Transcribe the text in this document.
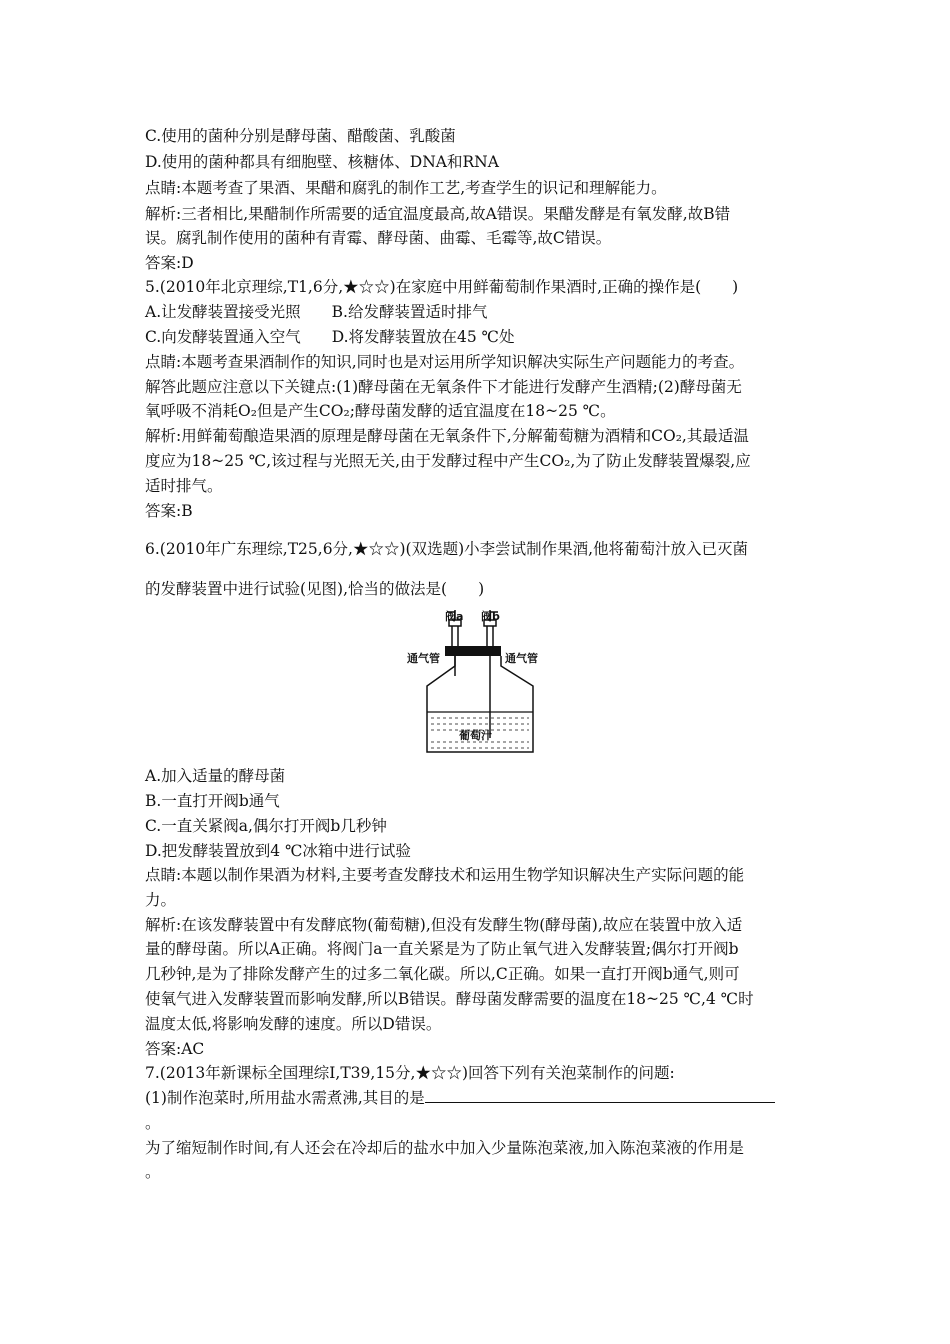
C.使用的菌种分别是酵母菌、醋酸菌、乳酸菌
D.使用的菌种都具有细胞壁、核糖体、DNA和RNA
点睛:本题考查了果酒、果醋和腐乳的制作工艺,考查学生的识记和理解能力。
解析:三者相比,果醋制作所需要的适宜温度最高,故A错误。果醋发酵是有氧发酵,故B错
误。腐乳制作使用的菌种有青霉、酵母菌、曲霉、毛霉等,故C错误。
答案:D
5.(2010年北京理综,T1,6分,★☆☆)在家庭中用鲜葡萄制作果酒时,正确的操作是(　　)
A.让发酵装置接受光照　　B.给发酵装置适时排气
C.向发酵装置通入空气　　D.将发酵装置放在45 ℃处
点睛:本题考查果酒制作的知识,同时也是对运用所学知识解决实际生产问题能力的考查。
解答此题应注意以下关键点:(1)酵母菌在无氧条件下才能进行发酵产生酒精;(2)酵母菌无
氧呼吸不消耗O₂但是产生CO₂;酵母菌发酵的适宜温度在18~25 ℃。
解析:用鲜葡萄酿造果酒的原理是酵母菌在无氧条件下,分解葡萄糖为酒精和CO₂,其最适温
度应为18~25 ℃,该过程与光照无关,由于发酵过程中产生CO₂,为了防止发酵装置爆裂,应
适时排气。
答案:B
6.(2010年广东理综,T25,6分,★☆☆)(双选题)小李尝试制作果酒,他将葡萄汁放入已灭菌
的发酵装置中进行试验(见图),恰当的做法是(　　)
阀a 阀b
通气管	通气管
葡萄汁
A.加入适量的酵母菌
B.一直打开阀b通气
C.一直关紧阀a,偶尔打开阀b几秒钟
D.把发酵装置放到4 ℃冰箱中进行试验
点睛:本题以制作果酒为材料,主要考查发酵技术和运用生物学知识解决生产实际问题的能
力。
解析:在该发酵装置中有发酵底物(葡萄糖),但没有发酵生物(酵母菌),故应在装置中放入适
量的酵母菌。所以A正确。将阀门a一直关紧是为了防止氧气进入发酵装置;偶尔打开阀b
几秒钟,是为了排除发酵产生的过多二氧化碳。所以,C正确。如果一直打开阀b通气,则可
使氧气进入发酵装置而影响发酵,所以B错误。酵母菌发酵需要的温度在18~25 ℃,4 ℃时
温度太低,将影响发酵的速度。所以D错误。
答案:AC
7.(2013年新课标全国理综Ⅰ,T39,15分,★☆☆)回答下列有关泡菜制作的问题:
(1)制作泡菜时,所用盐水需煮沸,其目的是
。
为了缩短制作时间,有人还会在冷却后的盐水中加入少量陈泡菜液,加入陈泡菜液的作用是
。
